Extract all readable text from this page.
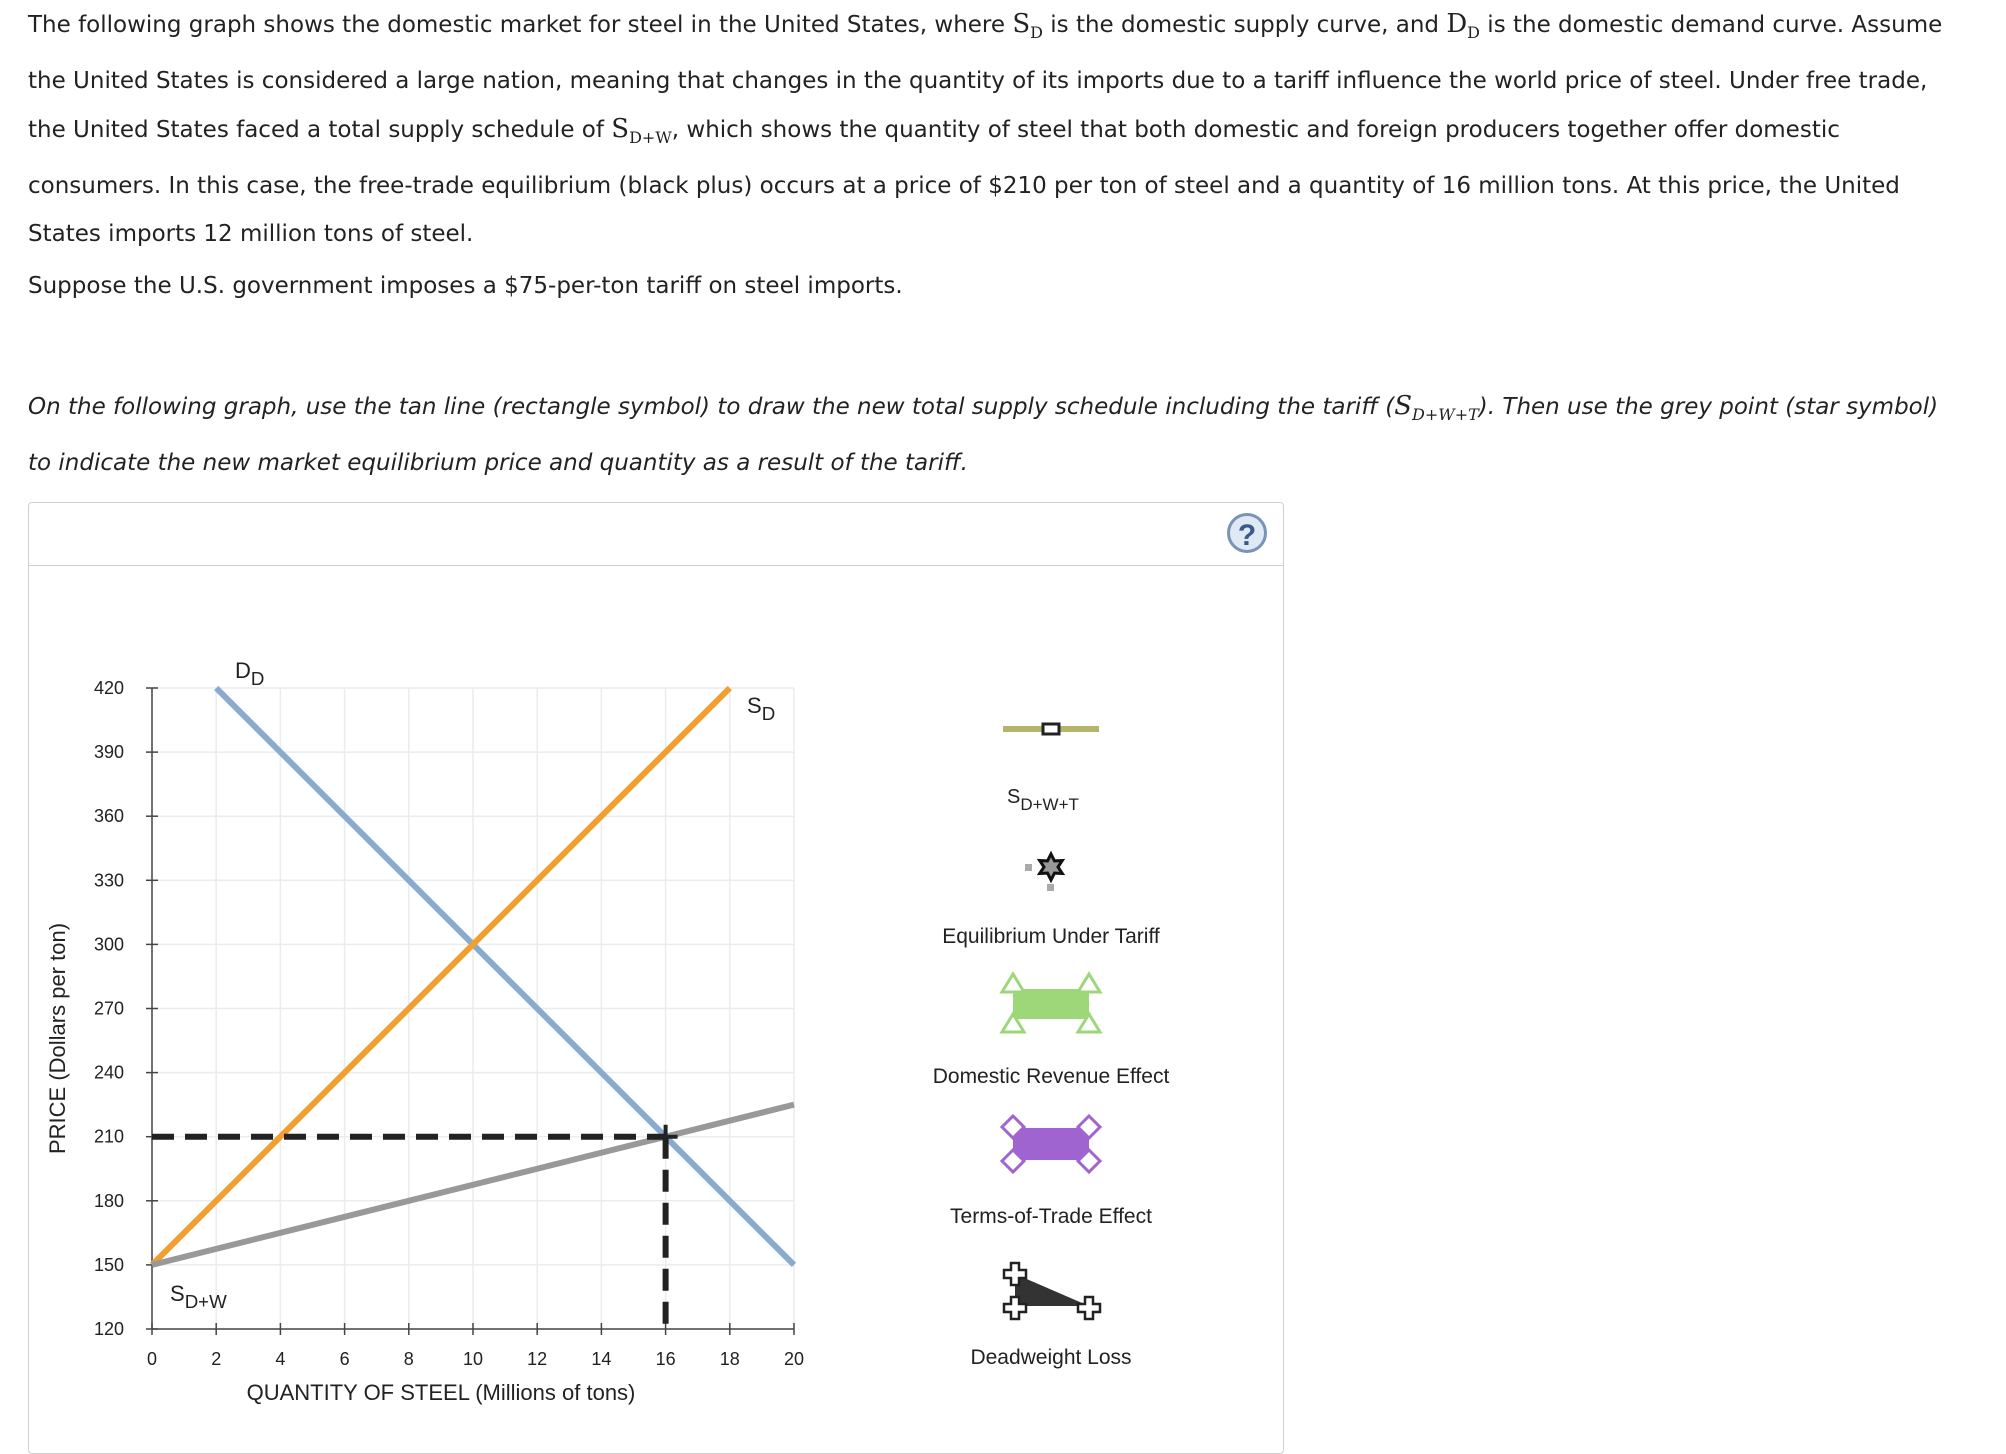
The following graph shows the domestic market for steel in the United States, where $S_D$ is the domestic supply curve, and $D_D$ is the domestic demand curve. Assume the United States is considered a large nation, meaning that changes in the quantity of its imports due to a tariff influence the world price of steel. Under free trade, the United States faced a total supply schedule of $S_{D+W}$, which shows the quantity of steel that both domestic and foreign producers together offer domestic consumers. In this case, the free-trade equilibrium (black plus) occurs at a price of $210 per ton of steel and a quantity of 16 million tons. At this price, the United States imports 12 million tons of steel.

Suppose the U.S. government imposes a $75-per-ton tariff on steel imports.

On the following graph, use the tan line (rectangle symbol) to draw the new total supply schedule including the tariff $(S_{D+W+T})$. Then use the grey point (star symbol) to indicate the new market equilibrium price and quantity as a result of the tariff.

?
120
150
180
210
240
270
300
330
360
390
420
0	2	4	6	8	10 12 14 16 18 20
QUANTITY OF STEEL (Millions of tons)
PRICE (Dollars per ton)
$D_D$
$S_D$
$S_{D+W}$
$S_{D+W+T}$
Equilibrium Under Tariff
Domestic Revenue Effect
Terms-of-Trade Effect
Deadweight Loss
